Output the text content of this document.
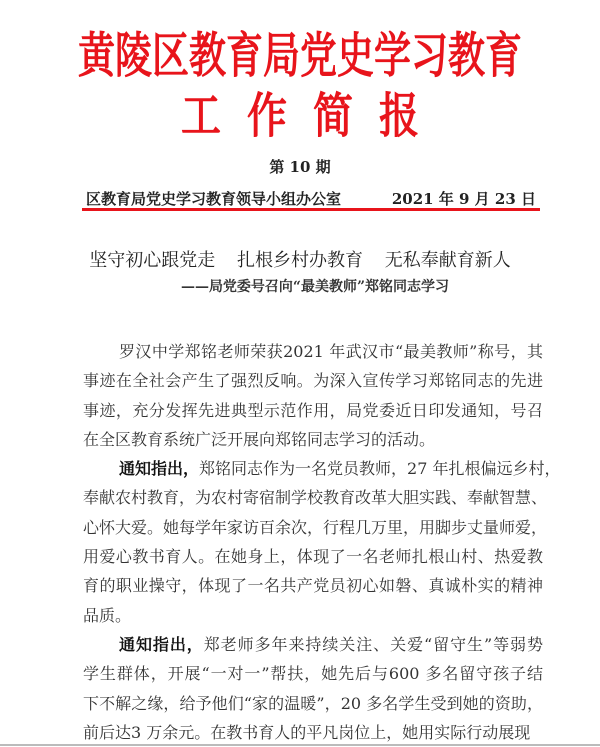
黄陵区教育局党史学习教育
工作简报
第 10 期
区教育局党史学习教育领导小组办公室	2021 年 9 月 23 日
坚守初心跟党走 扎根乡村办教育 无私奉献育新人
——局党委号召向“最美教师”郑铭同志学习
罗汉中学郑铭老师荣获2021 年武汉市“最美教师”称号，其
事迹在全社会产生了强烈反响。为深入宣传学习郑铭同志的先进
事迹，充分发挥先进典型示范作用，局党委近日印发通知，号召
在全区教育系统广泛开展向郑铭同志学习的活动。
通知指出，郑铭同志作为一名党员教师，27 年扎根偏远乡村，
奉献农村教育，为农村寄宿制学校教育改革大胆实践、奉献智慧、
心怀大爱。她每学年家访百余次，行程几万里，用脚步丈量师爱，
用爱心教书育人。在她身上，体现了一名老师扎根山村、热爱教
育的职业操守，体现了一名共产党员初心如磐、真诚朴实的精神
品质。
通知指出，郑老师多年来持续关注、关爱“留守生”等弱势
学生群体，开展“一对一”帮扶，她先后与600 多名留守孩子结
下不解之缘，给予他们“家的温暖”，20 多名学生受到她的资助，
前后达3 万余元。在教书育人的平凡岗位上，她用实际行动展现
